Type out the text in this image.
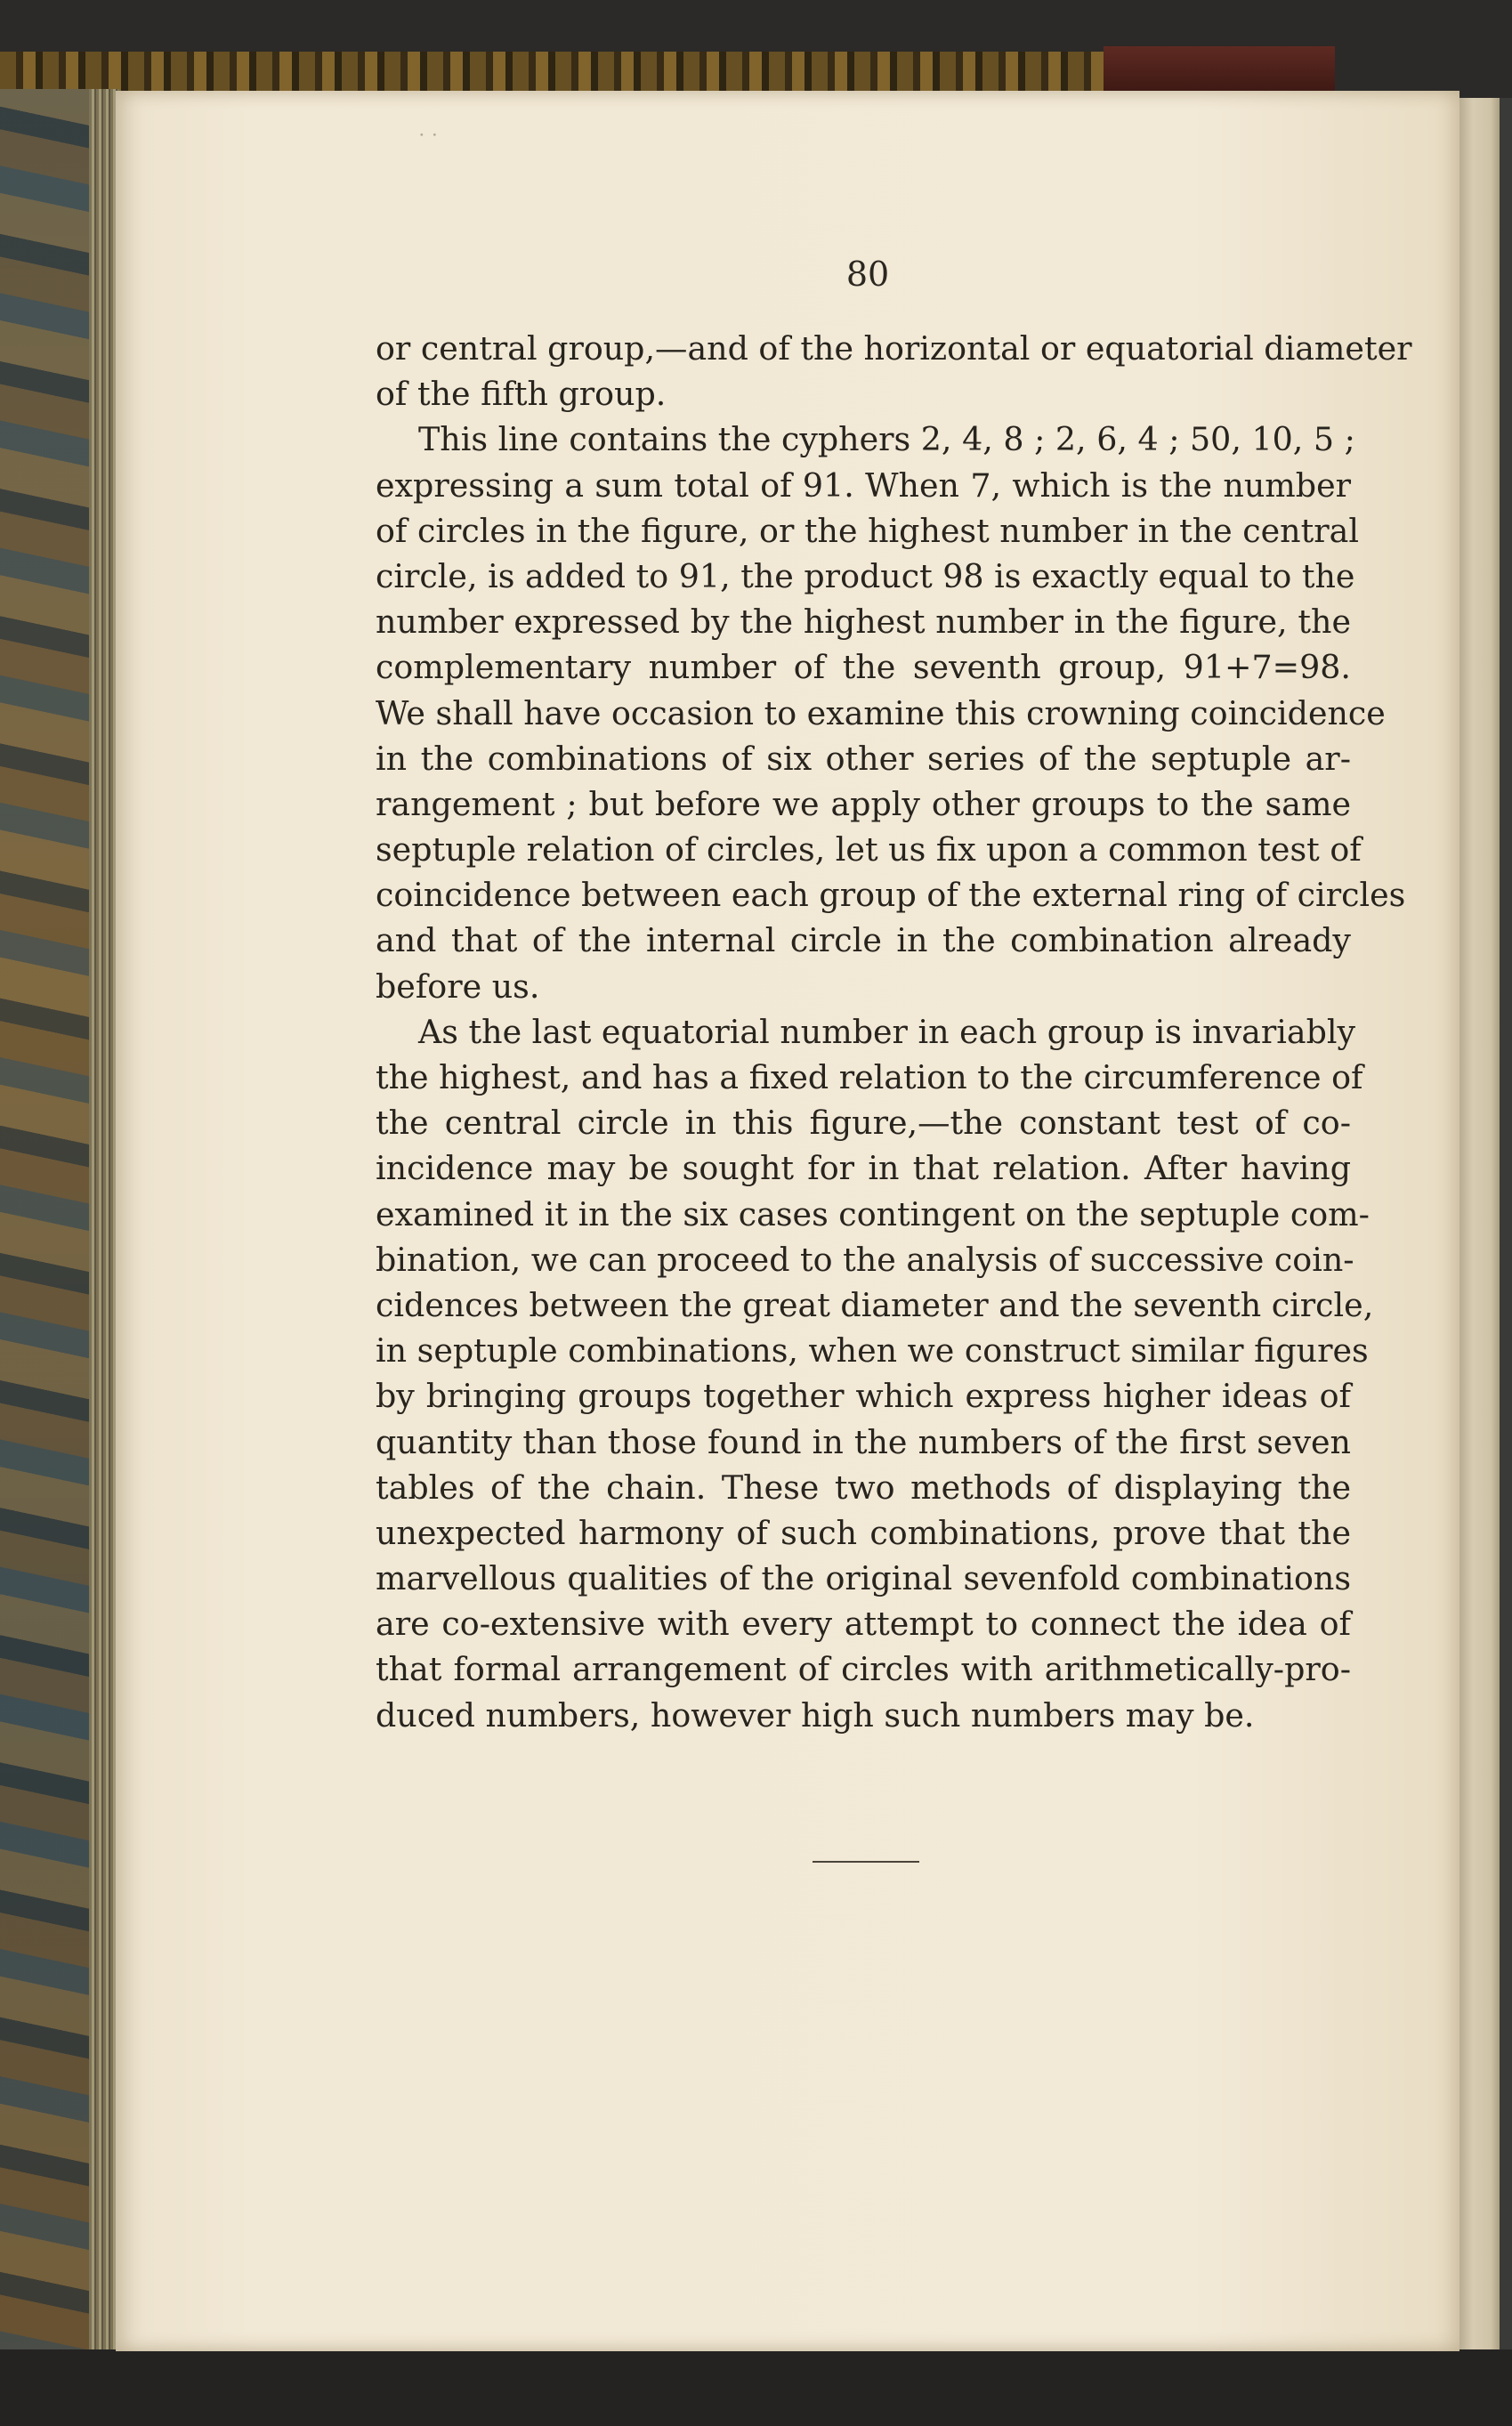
⋅ ⋅
80
or central group,—and of the horizontal or equatorial diameter
of the fifth group.
This line contains the cyphers 2, 4, 8 ; 2, 6, 4 ; 50, 10, 5 ;
expressing a sum total of 91. When 7, which is the number
of circles in the figure, or the highest number in the central
circle, is added to 91, the product 98 is exactly equal to the
number expressed by the highest number in the figure, the
complementary number of the seventh group, 91+7=98.
We shall have occasion to examine this crowning coincidence
in the combinations of six other series of the septuple ar-
rangement ; but before we apply other groups to the same
septuple relation of circles, let us fix upon a common test of
coincidence between each group of the external ring of circles
and that of the internal circle in the combination already
before us.
As the last equatorial number in each group is invariably
the highest, and has a fixed relation to the circumference of
the central circle in this figure,—the constant test of co-
incidence may be sought for in that relation. After having
examined it in the six cases contingent on the septuple com-
bination, we can proceed to the analysis of successive coin-
cidences between the great diameter and the seventh circle,
in septuple combinations, when we construct similar figures
by bringing groups together which express higher ideas of
quantity than those found in the numbers of the first seven
tables of the chain. These two methods of displaying the
unexpected harmony of such combinations, prove that the
marvellous qualities of the original sevenfold combinations
are co-extensive with every attempt to connect the idea of
that formal arrangement of circles with arithmetically-pro-
duced numbers, however high such numbers may be.
